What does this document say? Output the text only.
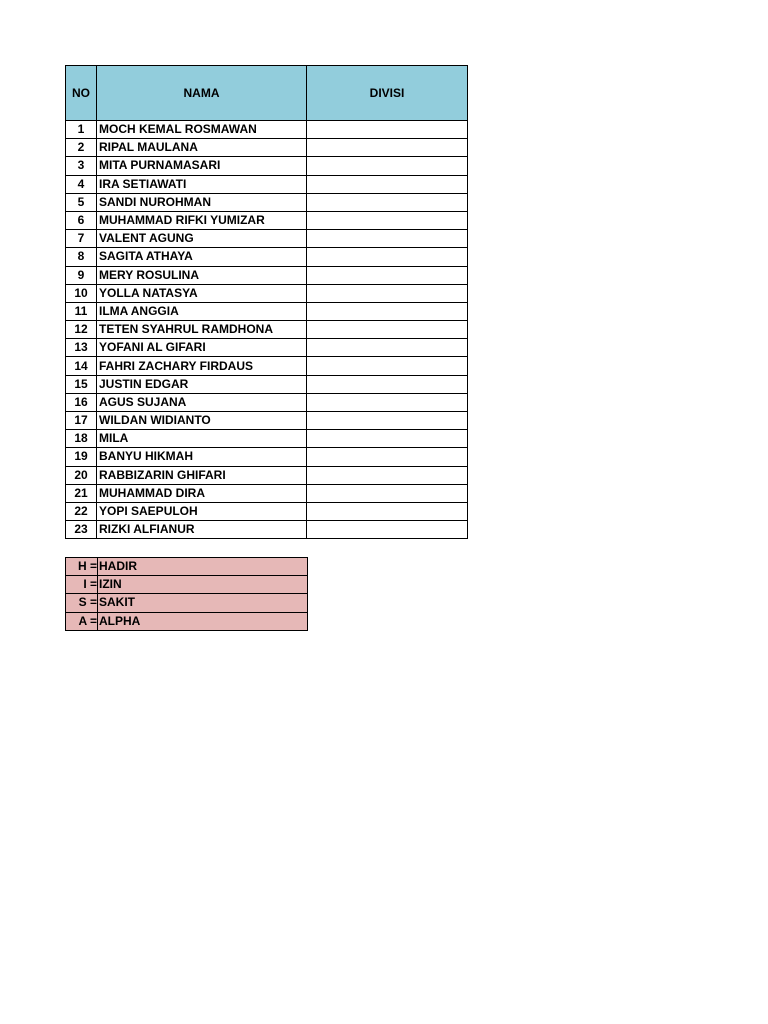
NO	NAMA	DIVISI
1	MOCH KEMAL ROSMAWAN	
2	RIPAL MAULANA	
3	MITA PURNAMASARI	
4	IRA SETIAWATI	
5	SANDI NUROHMAN	
6	MUHAMMAD RIFKI YUMIZAR	
7	VALENT AGUNG	
8	SAGITA ATHAYA	
9	MERY ROSULINA	
10	YOLLA NATASYA	
11	ILMA ANGGIA	
12	TETEN SYAHRUL RAMDHONA	
13	YOFANI AL GIFARI	
14	FAHRI ZACHARY FIRDAUS	
15	JUSTIN EDGAR	
16	AGUS SUJANA	
17	WILDAN WIDIANTO	
18	MILA	
19	BANYU HIKMAH	
20	RABBIZARIN GHIFARI	
21	MUHAMMAD DIRA	
22	YOPI SAEPULOH	
23	RIZKI ALFIANUR	
H =	HADIR
I =	IZIN
S =	SAKIT
A =	ALPHA
